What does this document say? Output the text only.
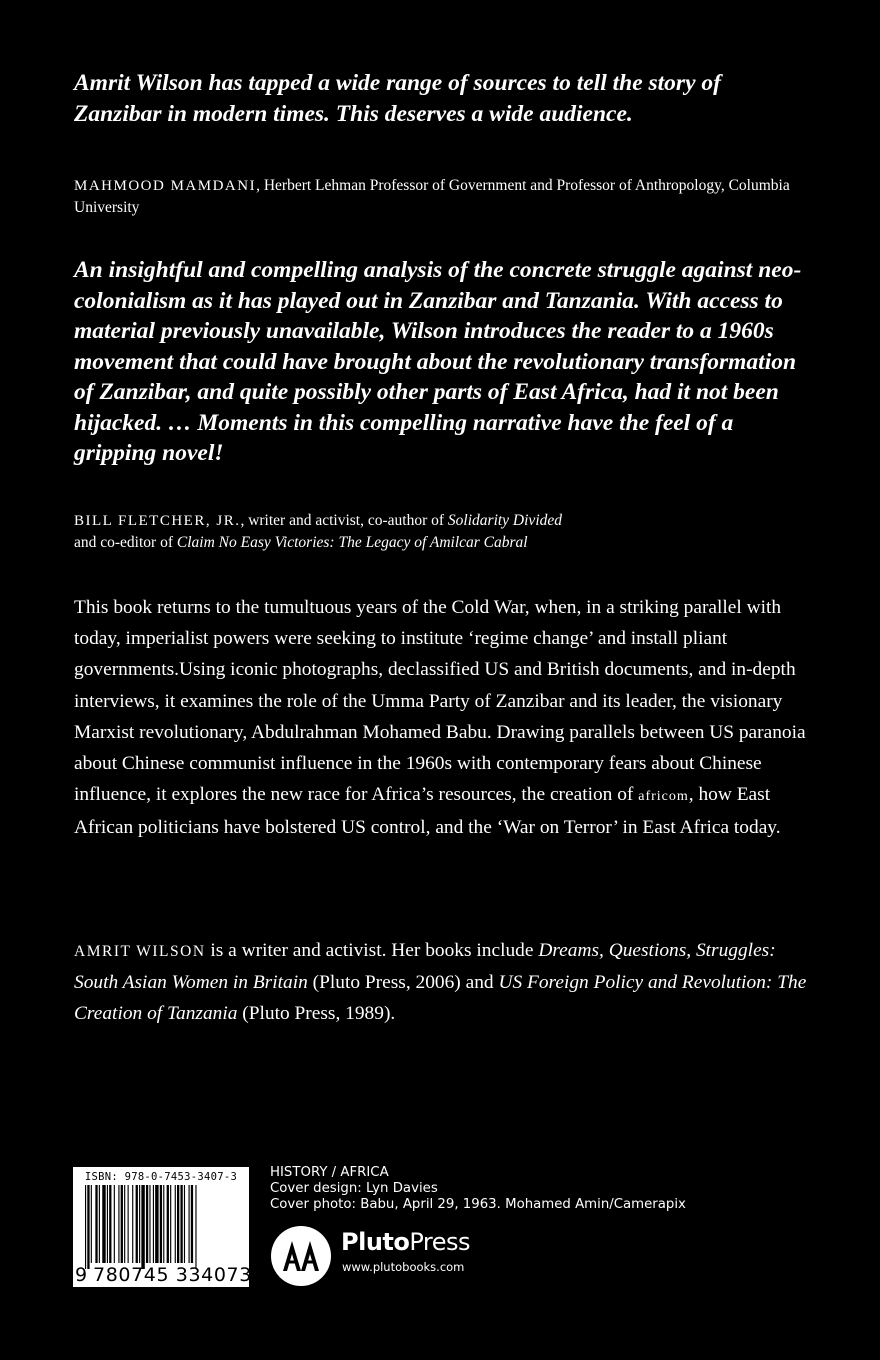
Amrit Wilson has tapped a wide range of sources to tell the story of Zanzibar in modern times. This deserves a wide audience.

MAHMOOD MAMDANI, Herbert Lehman Professor of Government and Professor of Anthropology, Columbia University

An insightful and compelling analysis of the concrete struggle against neo-colonialism as it has played out in Zanzibar and Tanzania. With access to material previously unavailable, Wilson introduces the reader to a 1960s movement that could have brought about the revolutionary transformation of Zanzibar, and quite possibly other parts of East Africa, had it not been hijacked. … Moments in this compelling narrative have the feel of a gripping novel!

BILL FLETCHER, JR., writer and activist, co-author of Solidarity Divided
and co-editor of Claim No Easy Victories: The Legacy of Amilcar Cabral

This book returns to the tumultuous years of the Cold War, when, in a striking parallel with today, imperialist powers were seeking to institute ‘regime change’ and install pliant governments.Using iconic photographs, declassified US and British documents, and in-depth interviews, it examines the role of the Umma Party of Zanzibar and its leader, the visionary Marxist revolutionary, Abdulrahman Mohamed Babu. Drawing parallels between US paranoia about Chinese communist influence in the 1960s with contemporary fears about Chinese influence, it explores the new race for Africa’s resources, the creation of africom, how East African politicians have bolstered US control, and the ‘War on Terror’ in East Africa today.

AMRIT WILSON is a writer and activist. Her books include Dreams, Questions, Struggles: South Asian Women in Britain (Pluto Press, 2006) and US Foreign Policy and Revolution: The Creation of Tanzania (Pluto Press, 1989).

ISBN: 978-0-7453-3407-3
9 780745 334073 >
HISTORY / AFRICA
Cover design: Lyn Davies
Cover photo: Babu, April 29, 1963. Mohamed Amin/Camerapix
PlutoPress
www.plutobooks.com
